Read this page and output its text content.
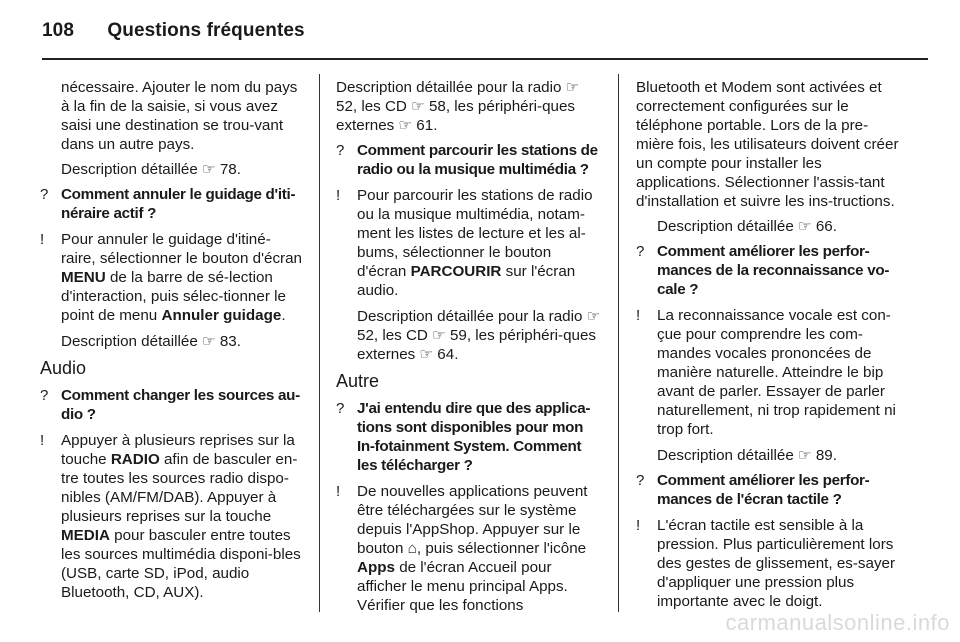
108 Questions fréquentes

nécessaire. Ajouter le nom du pays à la fin de la saisie, si vous avez saisi une destination se trou-vant dans un autre pays.

Description détaillée ☞ 78.

? Comment annuler le guidage d'iti-néraire actif ?
!	Pour annuler le guidage d'itiné-raire, sélectionner le bouton d'écran MENU de la barre de sé-lection d'interaction, puis sélec-tionner le point de menu Annuler guidage.

Description détaillée ☞ 83.

Audio
? Comment changer les sources au-dio ?
!	Appuyer à plusieurs reprises sur la touche RADIO afin de basculer en-tre toutes les sources radio dispo-nibles (AM/FM/DAB). Appuyer à plusieurs reprises sur la touche MEDIA pour basculer entre toutes les sources multimédia disponi-bles (USB, carte SD, iPod, audio Bluetooth, CD, AUX).

Description détaillée pour la radio ☞ 52, les CD ☞ 58, les périphéri-ques externes ☞ 61.

? Comment parcourir les stations de radio ou la musique multimédia ?
!	Pour parcourir les stations de radio ou la musique multimédia, notam-ment les listes de lecture et les al-bums, sélectionner le bouton d'écran PARCOURIR sur l'écran audio.

Description détaillée pour la radio ☞ 52, les CD ☞ 59, les périphéri-ques externes ☞ 64.

Autre
? J'ai entendu dire que des applica-tions sont disponibles pour mon In-fotainment System. Comment les télécharger ?
!	De nouvelles applications peuvent être téléchargées sur le système depuis l'AppShop. Appuyer sur le bouton ⌂, puis sélectionner l'icône Apps de l'écran Accueil pour afficher le menu principal Apps. Vérifier que les fonctions

Bluetooth et Modem sont activées et correctement configurées sur le téléphone portable. Lors de la pre-mière fois, les utilisateurs doivent créer un compte pour installer les applications. Sélectionner l'assis-tant d'installation et suivre les ins-tructions.

Description détaillée ☞ 66.

? Comment améliorer les perfor-mances de la reconnaissance vo-cale ?
!	La reconnaissance vocale est con-çue pour comprendre les com-mandes vocales prononcées de manière naturelle. Atteindre le bip avant de parler. Essayer de parler naturellement, ni trop rapidement ni trop fort.

Description détaillée ☞ 89.

? Comment améliorer les perfor-mances de l'écran tactile ?
!	L'écran tactile est sensible à la pression. Plus particulièrement lors des gestes de glissement, es-sayer d'appliquer une pression plus importante avec le doigt.
carmanualsonline.info
